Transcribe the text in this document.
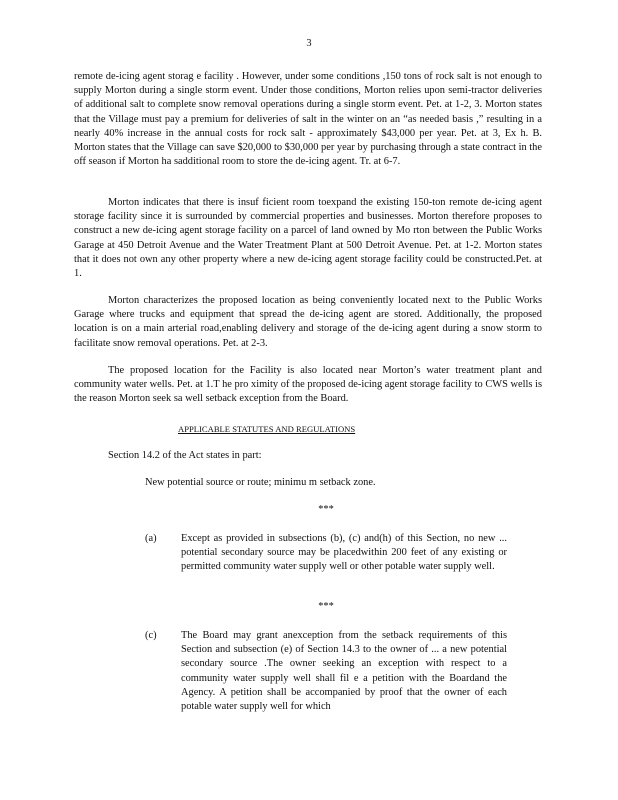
3

remote de-icing agent storag e facility . However, under some conditions ,150 tons of rock salt is not enough to supply Morton during a single storm event. Under those conditions, Morton relies upon semi-tractor deliveries of additional salt to complete snow removal operations during a single storm event. Pet. at 1-2, 3. Morton states that the Village must pay a premium for deliveries of salt in the winter on an “as needed basis ,” resulting in a nearly 40% increase in the annual costs for rock salt - approximately $43,000 per year. Pet. at 3, Ex h. B. Morton states that the Village can save $20,000 to $30,000 per year by purchasing through a state contract in the off season if Morton ha sadditional room to store the de-icing agent. Tr. at 6-7.

Morton indicates that there is insuf ficient room toexpand the existing 150-ton remote de-icing agent storage facility since it is surrounded by commercial properties and businesses. Morton therefore proposes to construct a new de-icing agent storage facility on a parcel of land owned by Mo rton between the Public Works Garage at 450 Detroit Avenue and the Water Treatment Plant at 500 Detroit Avenue. Pet. at 1-2. Morton states that it does not own any other property where a new de-icing agent storage facility could be constructed.Pet. at 1.

Morton characterizes the proposed location as being conveniently located next to the Public Works Garage where trucks and equipment that spread the de-icing agent are stored. Additionally, the proposed location is on a main arterial road,enabling delivery and storage of the de-icing agent during a snow storm to facilitate snow removal operations. Pet. at 2-3.

The proposed location for the Facility is also located near Morton’s water treatment plant and community water wells. Pet. at 1.T he pro ximity of the proposed de-icing agent storage facility to CWS wells is the reason Morton seek sa well setback exception from the Board.

APPLICABLE STATUTES AND REGULATIONS
Section 14.2 of the Act states in part:
New potential source or route; minimu m setback zone.
***
(a) Except as provided in subsections (b), (c) and(h) of this Section, no new ... potential secondary source may be placedwithin 200 feet of any existing or permitted community water supply well or other potable water supply well.
***
(c) The Board may grant anexception from the setback requirements of this Section and subsection (e) of Section 14.3 to the owner of ... a new potential secondary source .The owner seeking an exception with respect to a community water supply well shall fil e a petition with the Boardand the Agency. A petition shall be accompanied by proof that the owner of each potable water supply well for which
